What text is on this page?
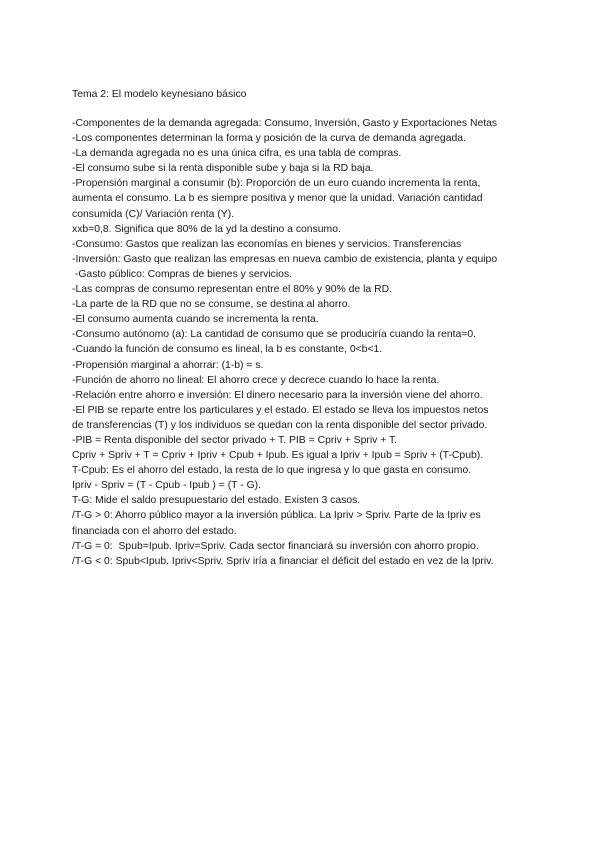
Tema 2: El modelo keynesiano básico
-Componentes de la demanda agregada: Consumo, Inversión, Gasto y Exportaciones Netas
-Los componentes determinan la forma y posición de la curva de demanda agregada.
-La demanda agregada no es una única cifra, es una tabla de compras.
-El consumo sube si la renta disponible sube y baja si la RD baja.
-Propensión marginal a consumir (b): Proporción de un euro cuando incrementa la renta,
aumenta el consumo. La b es siempre positiva y menor que la unidad. Variación cantidad
consumida (C)/ Variación renta (Y).
xxb=0,8. Significa que 80% de la yd la destino a consumo.
-Consumo: Gastos que realizan las economías en bienes y servicios. Transferencias
-Inversión: Gasto que realizan las empresas en nueva cambio de existencia, planta y equipo
-Gasto público: Compras de bienes y servicios.
-Las compras de consumo representan entre el 80% y 90% de la RD.
-La parte de la RD que no se consume, se destina al ahorro.
-El consumo aumenta cuando se incrementa la renta.
-Consumo autónomo (a): La cantidad de consumo que se produciría cuando la renta=0.
-Cuando la función de consumo es lineal, la b es constante, 0<b<1.
-Propensión marginal a ahorrar: (1-b) = s.
-Función de ahorro no lineal: El ahorro crece y decrece cuando lo hace la renta.
-Relación entre ahorro e inversión: El dinero necesario para la inversión viene del ahorro.
-El PIB se reparte entre los particulares y el estado. El estado se lleva los impuestos netos
de transferencias (T) y los individuos se quedan con la renta disponible del sector privado.
-PIB = Renta disponible del sector privado + T. PIB = Cpriv + Spriv + T.
Cpriv + Spriv + T = Cpriv + Ipriv + Cpub + Ipub. Es igual a Ipriv + Ipub = Spriv + (T-Cpub).
T-Cpub: Es el ahorro del estado, la resta de lo que ingresa y lo que gasta en consumo.
Ipriv - Spriv = (T - Cpub - Ipub ) = (T - G).
T-G: Mide el saldo presupuestario del estado. Existen 3 casos.
/T-G > 0: Ahorro público mayor a la inversión pública. La Ipriv > Spriv. Parte de la Ipriv es
financiada con el ahorro del estado.
/T-G = 0:  Spub=Ipub. Ipriv=Spriv. Cada sector financiará su inversión con ahorro propio.
/T-G < 0: Spub<Ipub. Ipriv<Spriv. Spriv iría a financiar el déficit del estado en vez de la Ipriv.
